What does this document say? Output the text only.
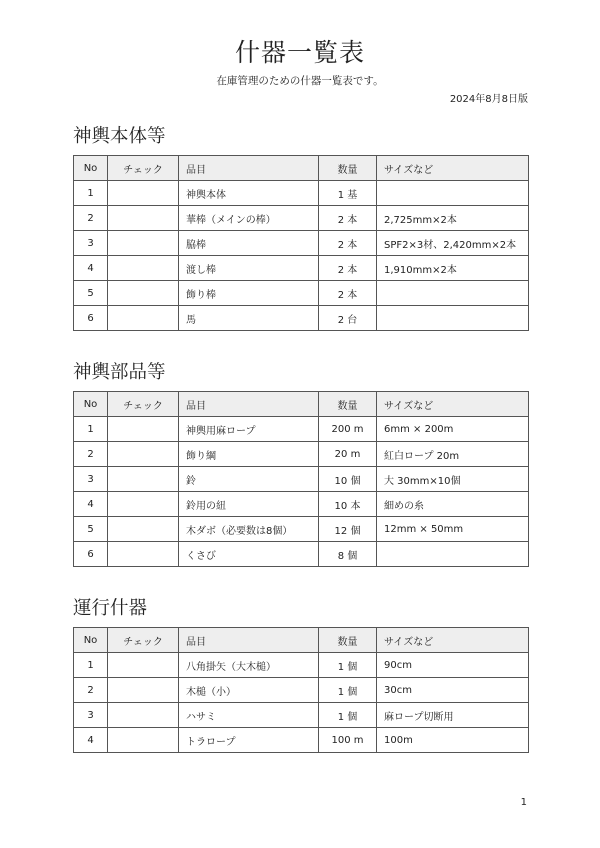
什器一覧表
在庫管理のための什器一覧表です。
2024年8月8日版
神輿本体等
No	チェック	品目	数量	サイズなど
1		神輿本体	1 基	
2		華棒（メインの棒）	2 本	2,725mm×2本
3		脇棒	2 本	SPF2×3材、2,420mm×2本
4		渡し棒	2 本	1,910mm×2本
5		飾り棒	2 本	
6		馬	2 台	
神輿部品等
No	チェック	品目	数量	サイズなど
1		神輿用麻ロープ	200 m	6mm × 200m
2		飾り綱	20 m	紅白ロープ 20m
3		鈴	10 個	大 30mm×10個
4		鈴用の紐	10 本	細めの糸
5		木ダボ（必要数は8個）	12 個	12mm × 50mm
6		くさび	8 個	
運行什器
No	チェック	品目	数量	サイズなど
1		八角掛矢（大木槌）	1 個	90cm
2		木槌（小）	1 個	30cm
3		ハサミ	1 個	麻ロープ切断用
4		トラロープ	100 m	100m
1
